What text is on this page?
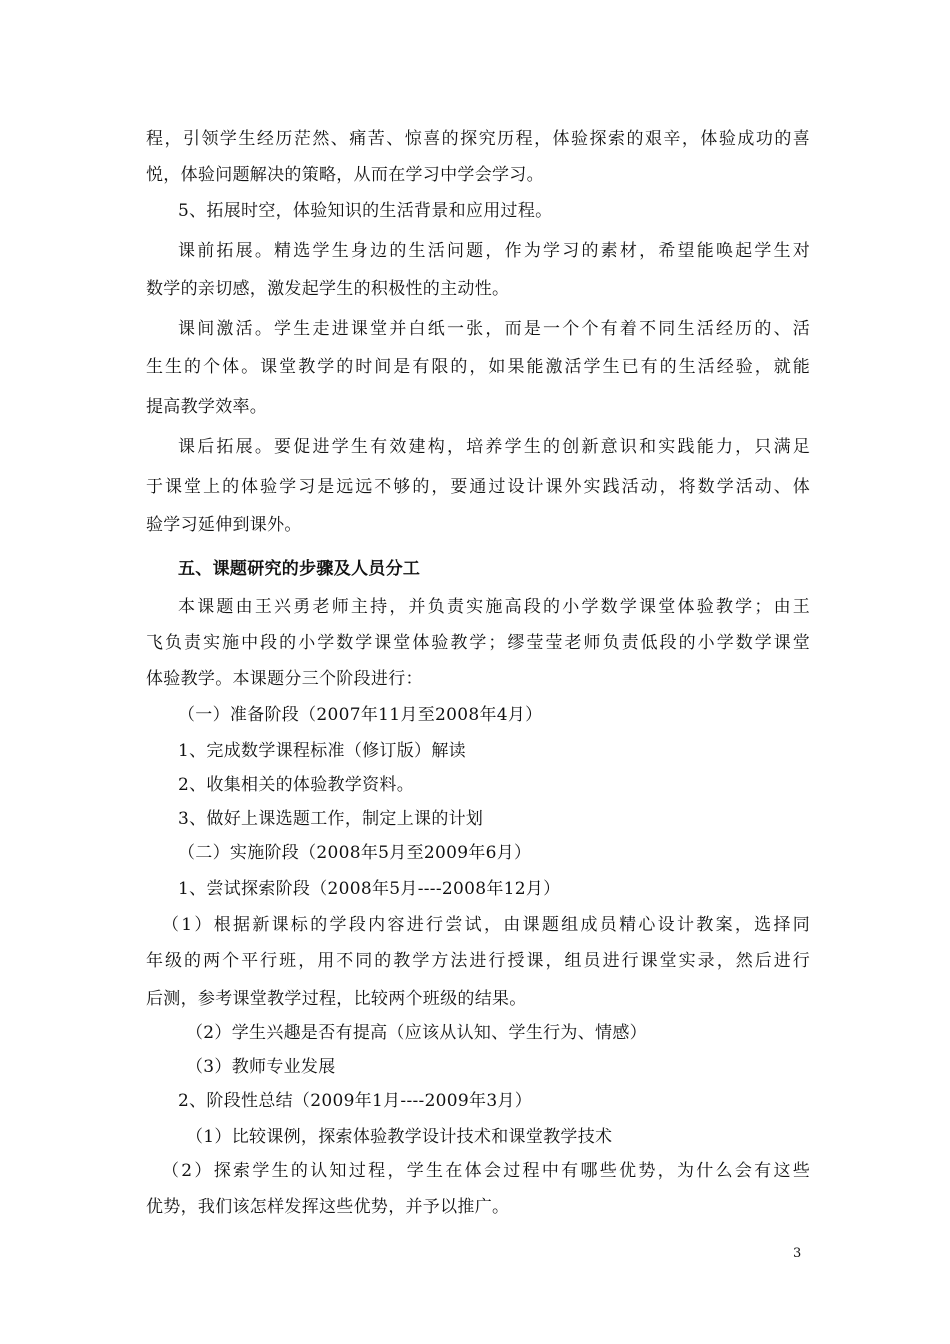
程，引领学生经历茫然、痛苦、惊喜的探究历程，体验探索的艰辛，体验成功的喜
悦，体验问题解决的策略，从而在学习中学会学习。
5、拓展时空，体验知识的生活背景和应用过程。
课前拓展。精选学生身边的生活问题，作为学习的素材，希望能唤起学生对
数学的亲切感，激发起学生的积极性的主动性。
课间激活。学生走进课堂并白纸一张，而是一个个有着不同生活经历的、活
生生的个体。课堂教学的时间是有限的，如果能激活学生已有的生活经验，就能
提高教学效率。
课后拓展。要促进学生有效建构，培养学生的创新意识和实践能力，只满足
于课堂上的体验学习是远远不够的，要通过设计课外实践活动，将数学活动、体
验学习延伸到课外。
五、课题研究的步骤及人员分工
本课题由王兴勇老师主持，并负责实施高段的小学数学课堂体验教学；由王
飞负责实施中段的小学数学课堂体验教学；缪莹莹老师负责低段的小学数学课堂
体验教学。本课题分三个阶段进行：
（一）准备阶段（2007年11月至2008年4月）
1、完成数学课程标准（修订版）解读
2、收集相关的体验教学资料。
3、做好上课选题工作，制定上课的计划
（二）实施阶段（2008年5月至2009年6月）
1、尝试探索阶段（2008年5月----2008年12月）
（1）根据新课标的学段内容进行尝试，由课题组成员精心设计教案，选择同
年级的两个平行班，用不同的教学方法进行授课，组员进行课堂实录，然后进行
后测，参考课堂教学过程，比较两个班级的结果。
（2）学生兴趣是否有提高（应该从认知、学生行为、情感）
（3）教师专业发展
2、阶段性总结（2009年1月----2009年3月）
（1）比较课例，探索体验教学设计技术和课堂教学技术
（2）探索学生的认知过程，学生在体会过程中有哪些优势，为什么会有这些
优势，我们该怎样发挥这些优势，并予以推广。
3
